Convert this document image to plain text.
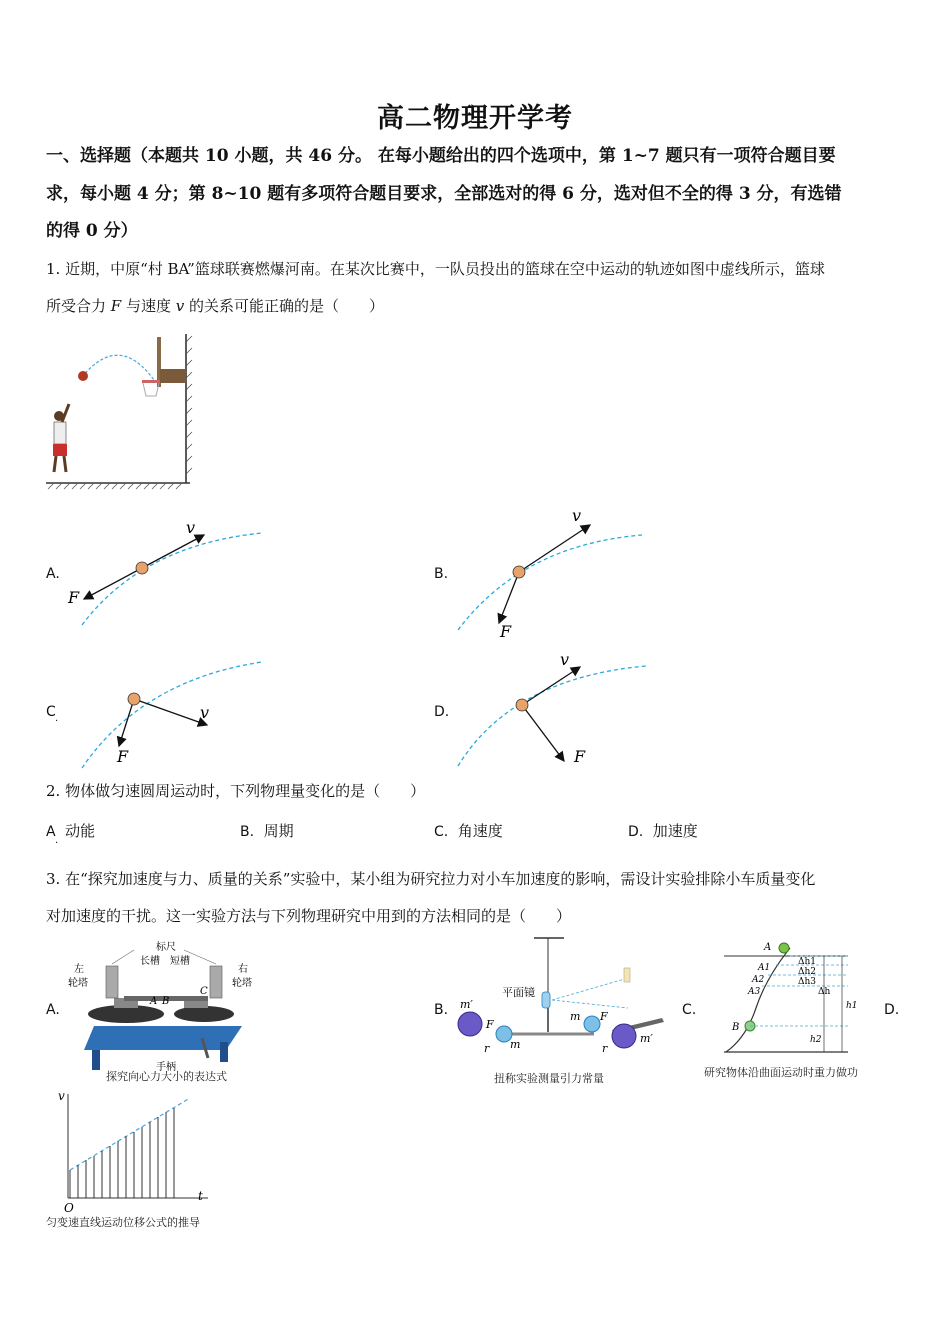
高二物理开学考
一、选择题（本题共 10 小题，共 46 分。 在每小题给出的四个选项中，第 1~7 题只有一项符合题目要
求，每小题 4 分；第 8~10 题有多项符合题目要求，全部选对的得 6 分，选对但不全的得 3 分，有选错
的得 0 分）
1. 近期，中原“村 BA”篮球联赛燃爆河南。在某次比赛中，一队员投出的篮球在空中运动的轨迹如图中虚线所示，篮球
所受合力 F 与速度 v 的关系可能正确的是（　　）
A.
v
F
B.
v
F
C
·	v
F
D.
v
F
2. 物体做匀速圆周运动时，下列物理量变化的是（　　）
A 动能
·
B. 周期	C. 角速度	D. 加速度
3. 在“探究加速度与力、质量的关系”实验中，某小组为研究拉力对小车加速度的影响，需设计实验排除小车质量变化
对加速度的干扰。这一实验方法与下列物理研究中用到的方法相同的是（　　）
A.
标尺
长槽 短槽
左
轮塔
右
轮塔
A B
C
手柄
探究向心力大小的表达式
B. m′
m′
m
m
F
F
r	r
平面镜
扭称实验测量引力常量
C.
A
A1
A2
A3
B
Δh1
Δh2
Δh3
Δh
h1
h2
研究物体沿曲面运动时重力做功
D.
v
t
O
匀变速直线运动位移公式的推导
